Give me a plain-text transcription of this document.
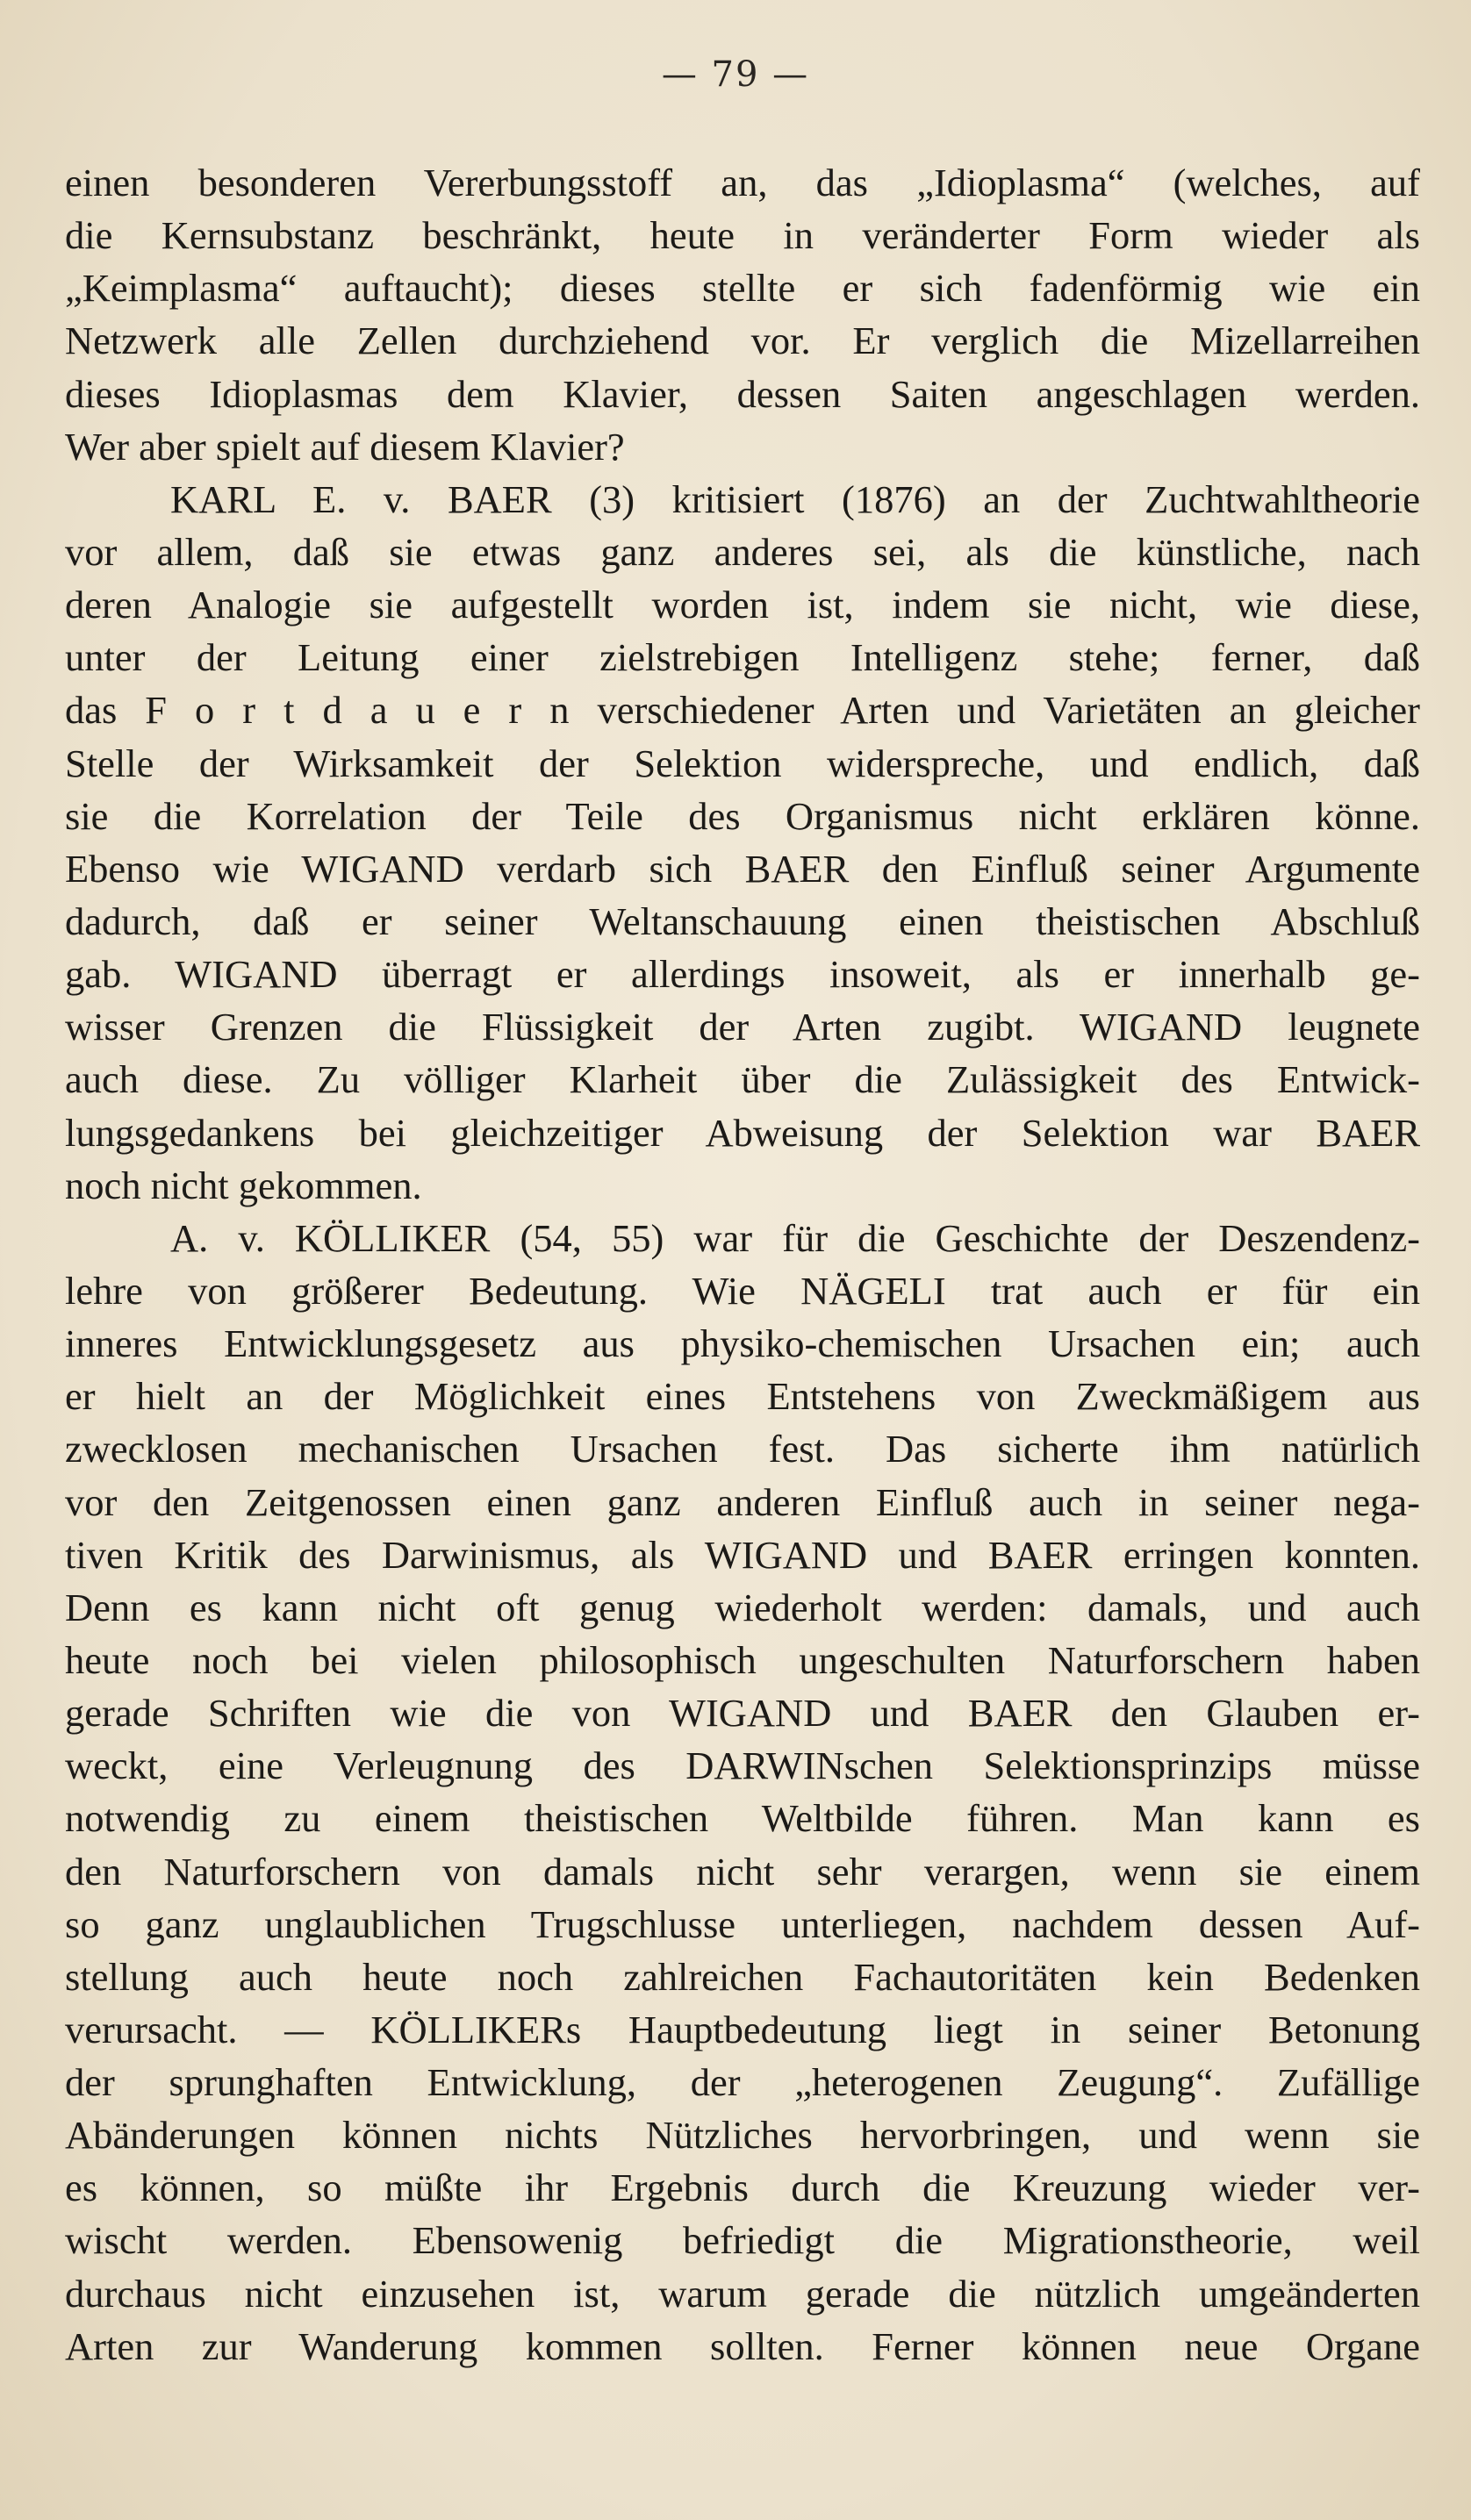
— 79 —
einen besonderen Vererbungsstoff an, das „Idioplasma“ (welches, auf
die Kernsubstanz beschränkt, heute in veränderter Form wieder als
„Keimplasma“ auftaucht); dieses stellte er sich fadenförmig wie ein
Netzwerk alle Zellen durchziehend vor. Er verglich die Mizellarreihen
dieses Idioplasmas dem Klavier, dessen Saiten angeschlagen werden.
Wer aber spielt auf diesem Klavier?
KARL E. v. BAER (3) kritisiert (1876) an der Zuchtwahltheorie
vor allem, daß sie etwas ganz anderes sei, als die künstliche, nach
deren Analogie sie aufgestellt worden ist, indem sie nicht, wie diese,
unter der Leitung einer zielstrebigen Intelligenz stehe; ferner, daß
das F o r t d a u e r n verschiedener Arten und Varietäten an gleicher
Stelle der Wirksamkeit der Selektion widerspreche, und endlich, daß
sie die Korrelation der Teile des Organismus nicht erklären könne.
Ebenso wie WIGAND verdarb sich BAER den Einfluß seiner Argumente
dadurch, daß er seiner Weltanschauung einen theistischen Abschluß
gab. WIGAND überragt er allerdings insoweit, als er innerhalb ge-
wisser Grenzen die Flüssigkeit der Arten zugibt. WIGAND leugnete
auch diese. Zu völliger Klarheit über die Zulässigkeit des Entwick-
lungsgedankens bei gleichzeitiger Abweisung der Selektion war BAER
noch nicht gekommen.
A. v. KÖLLIKER (54, 55) war für die Geschichte der Deszendenz-
lehre von größerer Bedeutung. Wie NÄGELI trat auch er für ein
inneres Entwicklungsgesetz aus physiko-chemischen Ursachen ein; auch
er hielt an der Möglichkeit eines Entstehens von Zweckmäßigem aus
zwecklosen mechanischen Ursachen fest. Das sicherte ihm natürlich
vor den Zeitgenossen einen ganz anderen Einfluß auch in seiner nega-
tiven Kritik des Darwinismus, als WIGAND und BAER erringen konnten.
Denn es kann nicht oft genug wiederholt werden: damals, und auch
heute noch bei vielen philosophisch ungeschulten Naturforschern haben
gerade Schriften wie die von WIGAND und BAER den Glauben er-
weckt, eine Verleugnung des DARWINschen Selektionsprinzips müsse
notwendig zu einem theistischen Weltbilde führen. Man kann es
den Naturforschern von damals nicht sehr verargen, wenn sie einem
so ganz unglaublichen Trugschlusse unterliegen, nachdem dessen Auf-
stellung auch heute noch zahlreichen Fachautoritäten kein Bedenken
verursacht. — KÖLLIKERs Hauptbedeutung liegt in seiner Betonung
der sprunghaften Entwicklung, der „heterogenen Zeugung“. Zufällige
Abänderungen können nichts Nützliches hervorbringen, und wenn sie
es können, so müßte ihr Ergebnis durch die Kreuzung wieder ver-
wischt werden. Ebensowenig befriedigt die Migrationstheorie, weil
durchaus nicht einzusehen ist, warum gerade die nützlich umgeänderten
Arten zur Wanderung kommen sollten. Ferner können neue Organe
